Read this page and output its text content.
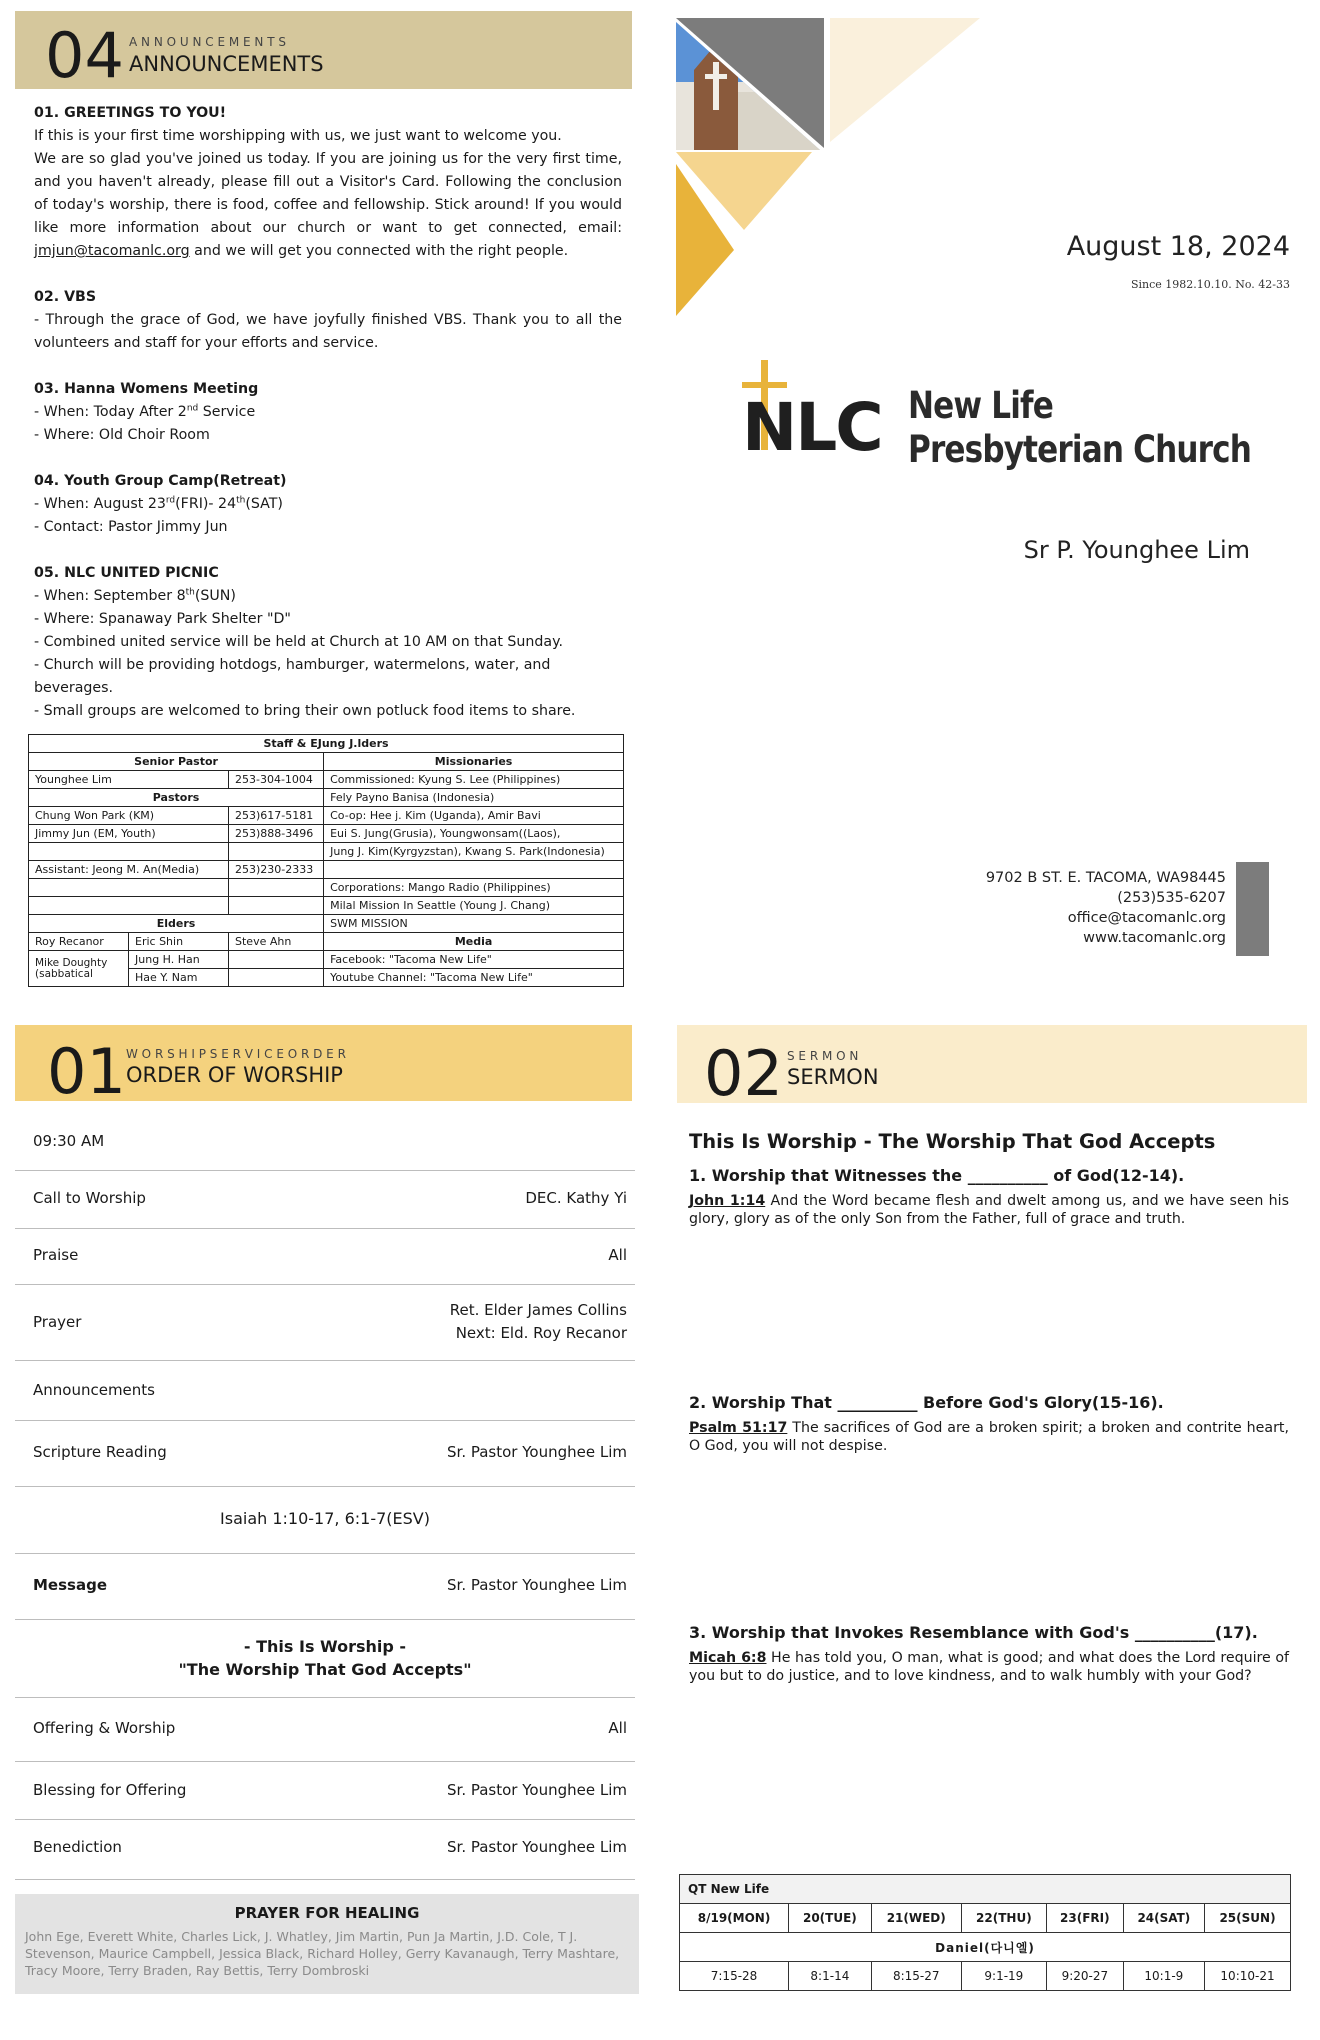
04 A N N O U N C E M E N T S
ANNOUNCEMENTS
01. GREETINGS TO YOU!

If this is your first time worshipping with us, we just want to welcome you.

We are so glad you've joined us today. If you are joining us for the very first time, and you haven't already, please fill out a Visitor's Card. Following the conclusion of today's worship, there is food, coffee and fellowship. Stick around! If you would like more information about our church or want to get connected, email: jmjun@tacomanlc.org and we will get you connected with the right people.

02. VBS

- Through the grace of God, we have joyfully finished VBS. Thank you to all the volunteers and staff for your efforts and service.

03. Hanna Womens Meeting
- When: Today After 2nd Service
- Where: Old Choir Room
04. Youth Group Camp(Retreat)
- When: August 23rd(FRI)- 24th(SAT)
- Contact: Pastor Jimmy Jun
05. NLC UNITED PICNIC
- When: September 8th(SUN)
- Where: Spanaway Park Shelter "D"
- Combined united service will be held at Church at 10 AM on that Sunday.
- Church will be providing hotdogs, hamburger, watermelons, water, and beverages.
- Small groups are welcomed to bring their own potluck food items to share.
Staff & EJung J.lders			
Senior Pastor			Missionaries
Younghee Lim		253-304-1004	Commissioned: Kyung S. Lee (Philippines)
Pastors			Fely Payno Banisa (Indonesia)
Chung Won Park (KM)		253)617-5181	Co-op: Hee j. Kim (Uganda), Amir Bavi
Jimmy Jun (EM, Youth)		253)888-3496	Eui S. Jung(Grusia), Youngwonsam((Laos),
			Jung J. Kim(Kyrgyzstan), Kwang S. Park(Indonesia)
Assistant: Jeong M. An(Media)		253)230-2333	
			Corporations: Mango Radio (Philippines)
			Milal Mission In Seattle (Young J. Chang)
Elders			SWM MISSION
Roy Recanor	Eric Shin	Steve Ahn	Media

Mike Doughty
(sabbatical	Jung H. Han		Facebook: "Tacoma New Life"
	Hae Y. Nam		Youtube Channel: "Tacoma New Life"
August 18, 2024
Since 1982.10.10. No. 42-33
NLC New Life
Presbyterian Church
Sr P. Younghee Lim
9702 B ST. E. TACOMA, WA98445
(253)535-6207
office@tacomanlc.org
www.tacomanlc.org
01 W O R S H I P S E R V I C E O R D E R
ORDER OF WORSHIP
09:30 AM
Call to Worship	DEC. Kathy Yi
Praise	All
Prayer
Ret. Elder James Collins
Next: Eld. Roy Recanor
Announcements
Scripture Reading	Sr. Pastor Younghee Lim
Isaiah 1:10-17, 6:1-7(ESV)
Message	Sr. Pastor Younghee Lim
- This Is Worship -
"The Worship That God Accepts"
Offering & Worship	All
Blessing for Offering	Sr. Pastor Younghee Lim
Benediction	Sr. Pastor Younghee Lim
PRAYER FOR HEALING
John Ege, Everett White, Charles Lick, J. Whatley, Jim Martin, Pun Ja Martin, J.D. Cole, T J. Stevenson, Maurice Campbell, Jessica Black, Richard Holley, Gerry Kavanaugh, Terry Mashtare, Tracy Moore, Terry Braden, Ray Bettis, Terry Dombroski
02 S E R M O N
SERMON
This Is Worship - The Worship That God Accepts
1. Worship that Witnesses the __________ of God(12-14).
John 1:14 And the Word became flesh and dwelt among us, and we have seen his glory, glory as of the only Son from the Father, full of grace and truth.
2. Worship That __________ Before God's Glory(15-16).
Psalm 51:17 The sacrifices of God are a broken spirit; a broken and contrite heart, O God, you will not despise.
3. Worship that Invokes Resemblance with God's __________(17).
Micah 6:8 He has told you, O man, what is good; and what does the Lord require of you but to do justice, and to love kindness, and to walk humbly with your God?
QT New Life						
8/19(MON)	20(TUE)	21(WED)	22(THU)	23(FRI)	24(SAT)	25(SUN)
Daniel(다니엘)						
7:15-28	8:1-14	8:15-27	9:1-19	9:20-27	10:1-9	10:10-21
